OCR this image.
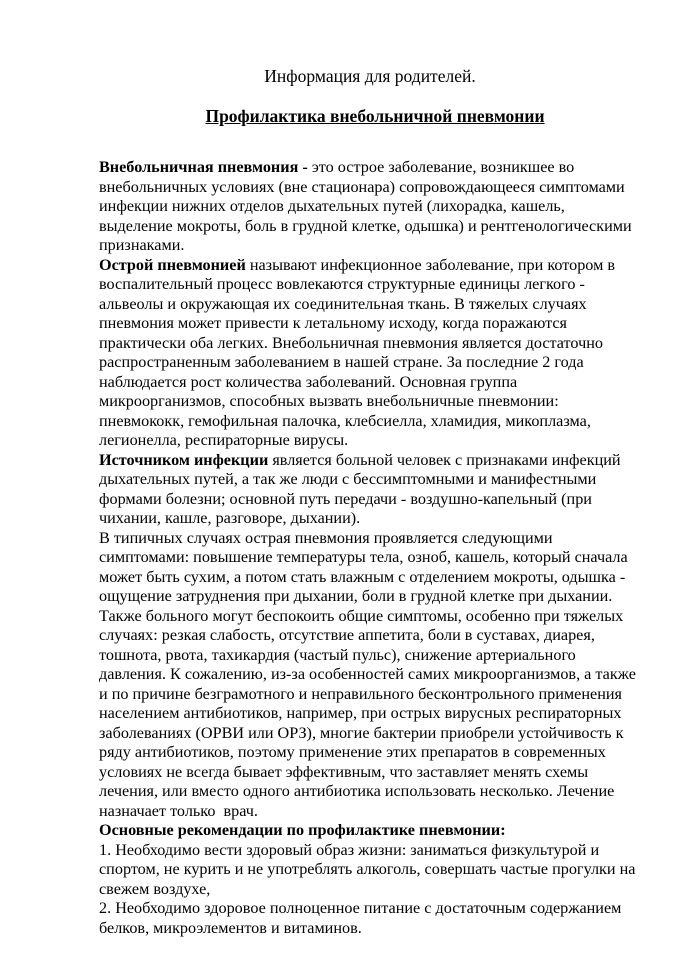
Информация для родителей.
Профилактика внебольничной пневмонии
Внебольничная пневмония - это острое заболевание, возникшее во
внебольничных условиях (вне стационара) сопровождающееся симптомами
инфекции нижних отделов дыхательных путей (лихорадка, кашель,
выделение мокроты, боль в грудной клетке, одышка) и рентгенологическими
признаками.
Острой пневмонией называют инфекционное заболевание, при котором в
воспалительный процесс вовлекаются структурные единицы легкого -
альвеолы и окружающая их соединительная ткань. В тяжелых случаях
пневмония может привести к летальному исходу, когда поражаются
практически оба легких. Внебольничная пневмония является достаточно
распространенным заболеванием в нашей стране. За последние 2 года
наблюдается рост количества заболеваний. Основная группа
микроорганизмов, способных вызвать внебольничные пневмонии:
пневмококк, гемофильная палочка, клебсиелла, хламидия, микоплазма,
легионелла, респираторные вирусы.
Источником инфекции является больной человек с признаками инфекций
дыхательных путей, а так же люди с бессимптомными и манифестными
формами болезни; основной путь передачи - воздушно-капельный (при
чихании, кашле, разговоре, дыхании).
В типичных случаях острая пневмония проявляется следующими
симптомами: повышение температуры тела, озноб, кашель, который сначала
может быть сухим, а потом стать влажным с отделением мокроты, одышка -
ощущение затруднения при дыхании, боли в грудной клетке при дыхании.
Также больного могут беспокоить общие симптомы, особенно при тяжелых
случаях: резкая слабость, отсутствие аппетита, боли в суставах, диарея,
тошнота, рвота, тахикардия (частый пульс), снижение артериального
давления. К сожалению, из-за особенностей самих микроорганизмов, а также
и по причине безграмотного и неправильного бесконтрольного применения
населением антибиотиков, например, при острых вирусных респираторных
заболеваниях (ОРВИ или ОРЗ), многие бактерии приобрели устойчивость к
ряду антибиотиков, поэтому применение этих препаратов в современных
условиях не всегда бывает эффективным, что заставляет менять схемы
лечения, или вместо одного антибиотика использовать несколько. Лечение
назначает только  врач.
Основные рекомендации по профилактике пневмонии:
1. Необходимо вести здоровый образ жизни: заниматься физкультурой и
спортом, не курить и не употреблять алкоголь, совершать частые прогулки на
свежем воздухе,
2. Необходимо здоровое полноценное питание с достаточным содержанием
белков, микроэлементов и витаминов.
